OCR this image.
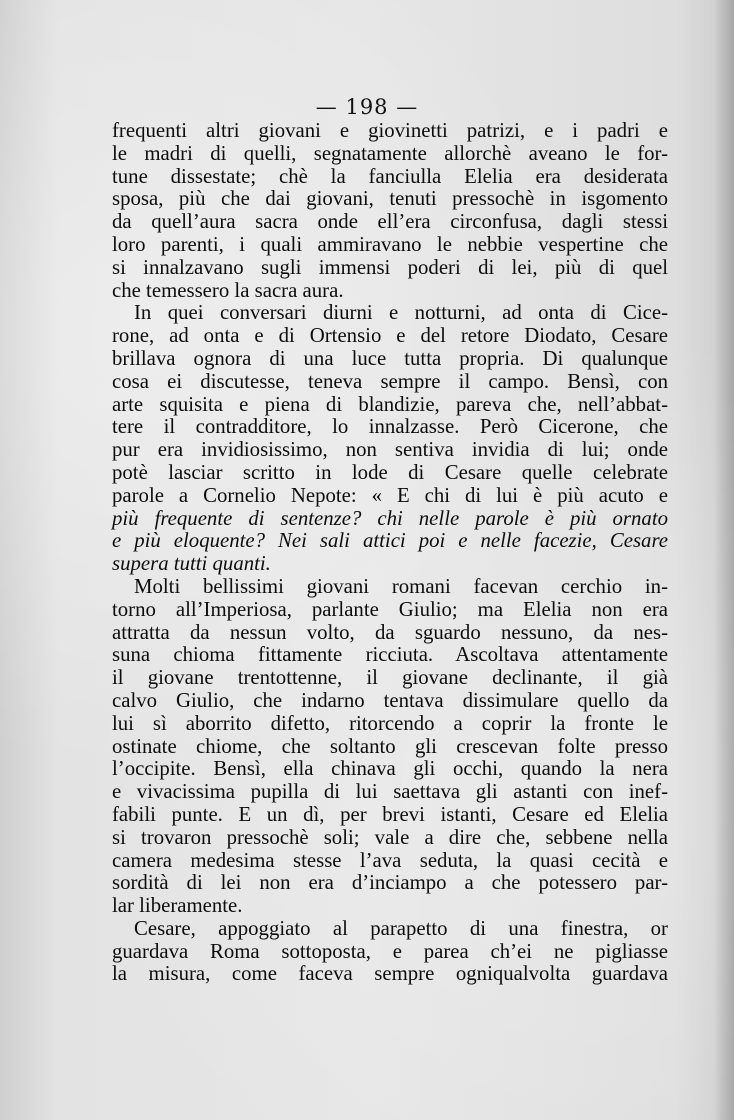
— 198 —
frequenti altri giovani e giovinetti patrizi, e i padri e
le madri di quelli, segnatamente allorchè aveano le for-
tune dissestate; chè la fanciulla Elelia era desiderata
sposa, più che dai giovani, tenuti pressochè in isgomento
da quell’aura sacra onde ell’era circonfusa, dagli stessi
loro parenti, i quali ammiravano le nebbie vespertine che
si innalzavano sugli immensi poderi di lei, più di quel
che temessero la sacra aura.
In quei conversari diurni e notturni, ad onta di Cice-
rone, ad onta e di Ortensio e del retore Diodato, Cesare
brillava ognora di una luce tutta propria. Di qualunque
cosa ei discutesse, teneva sempre il campo. Bensì, con
arte squisita e piena di blandizie, pareva che, nell’abbat-
tere il contradditore, lo innalzasse. Però Cicerone, che
pur era invidiosissimo, non sentiva invidia di lui; onde
potè lasciar scritto in lode di Cesare quelle celebrate
parole a Cornelio Nepote: « E chi di lui è più acuto e
più frequente di sentenze? chi nelle parole è più ornato
e più eloquente? Nei sali attici poi e nelle facezie, Cesare
supera tutti quanti.
Molti bellissimi giovani romani facevan cerchio in-
torno all’Imperiosa, parlante Giulio; ma Elelia non era
attratta da nessun volto, da sguardo nessuno, da nes-
suna chioma fittamente ricciuta. Ascoltava attentamente
il giovane trentottenne, il giovane declinante, il già
calvo Giulio, che indarno tentava dissimulare quello da
lui sì aborrito difetto, ritorcendo a coprir la fronte le
ostinate chiome, che soltanto gli crescevan folte presso
l’occipite. Bensì, ella chinava gli occhi, quando la nera
e vivacissima pupilla di lui saettava gli astanti con inef-
fabili punte. E un dì, per brevi istanti, Cesare ed Elelia
si trovaron pressochè soli; vale a dire che, sebbene nella
camera medesima stesse l’ava seduta, la quasi cecità e
sordità di lei non era d’inciampo a che potessero par-
lar liberamente.
Cesare, appoggiato al parapetto di una finestra, or
guardava Roma sottoposta, e parea ch’ei ne pigliasse
la misura, come faceva sempre ogniqualvolta guardava
